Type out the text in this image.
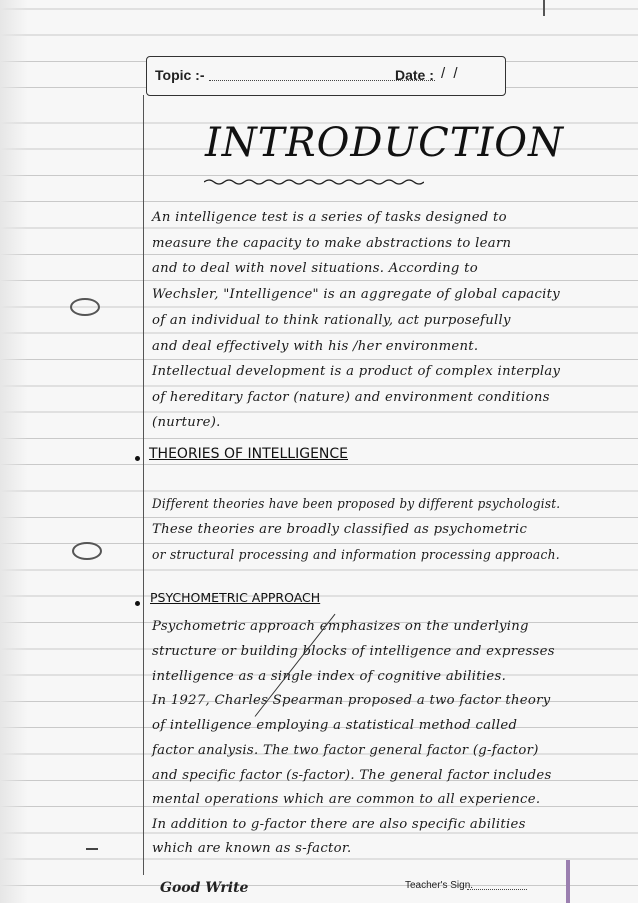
Topic :-	Date : / /
INTRODUCTION
An intelligence test is a series of tasks designed to
measure the capacity to make abstractions to learn
and to deal with novel situations. According to
Wechsler, "Intelligence" is an aggregate of global capacity
of an individual to think rationally, act purposefully
and deal effectively with his /her environment.
Intellectual development is a product of complex interplay
of hereditary factor (nature) and environment conditions
(nurture).
THEORIES OF INTELLIGENCE
Different theories have been proposed by different psychologist.
These theories are broadly classified as psychometric
or structural processing and information processing approach.
PSYCHOMETRIC APPROACH
Psychometric approach emphasizes on the underlying
structure or building blocks of intelligence and expresses
intelligence as a single index of cognitive abilities.
In 1927, Charles Spearman proposed a two factor theory
of intelligence employing a statistical method called
factor analysis. The two factor general factor (g-factor)
and specific factor (s-factor). The general factor includes
mental operations which are common to all experience.
In addition to g-factor there are also specific abilities
which are known as s-factor.
Good Write	Teacher's Sign.
